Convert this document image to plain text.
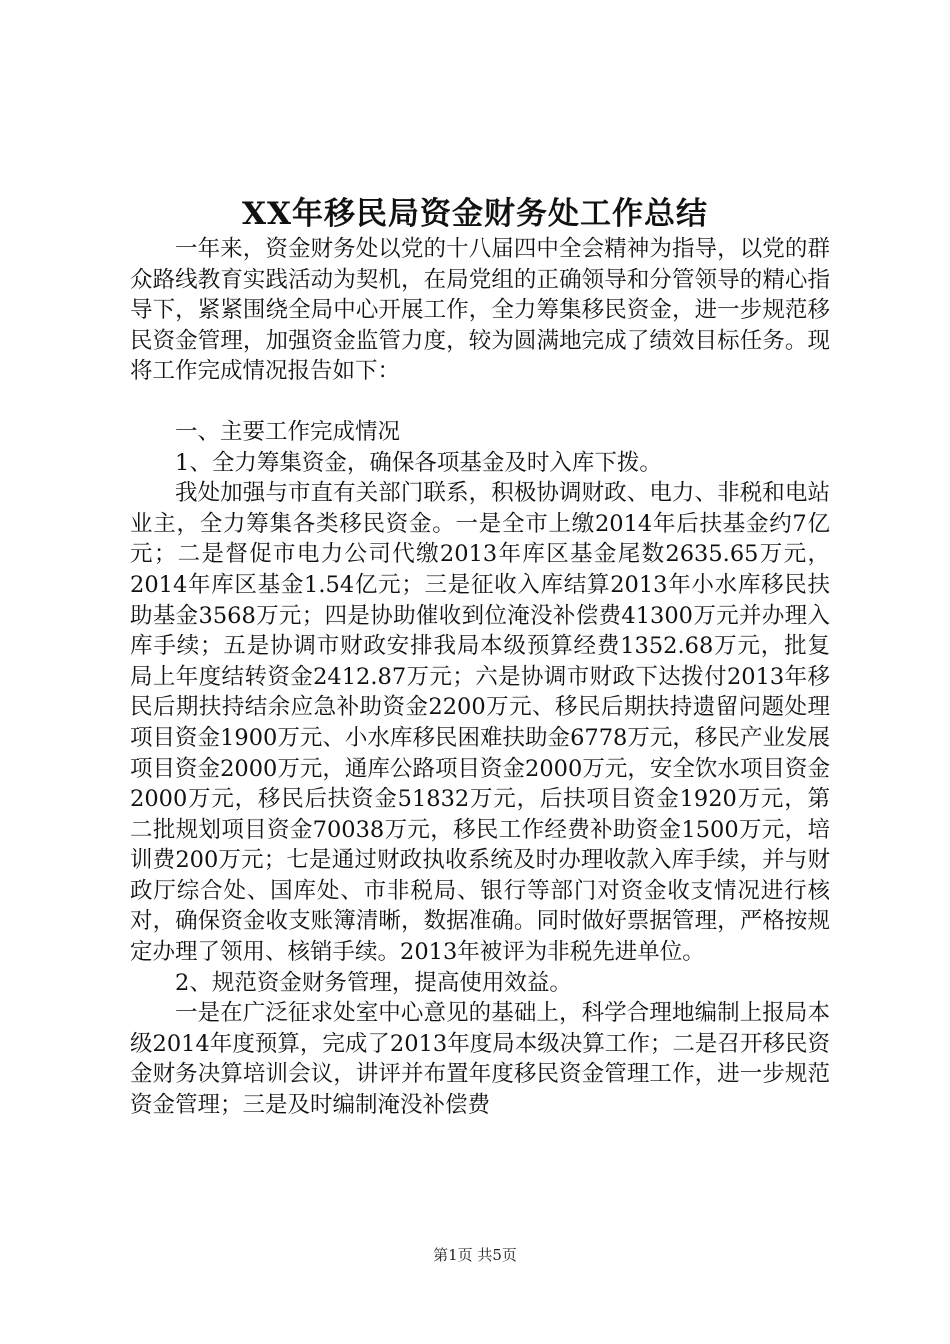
XX年移民局资金财务处工作总结

一年来，资金财务处以党的十八届四中全会精神为指导，以党的群众路线教育实践活动为契机，在局党组的正确领导和分管领导的精心指导下，紧紧围绕全局中心开展工作，全力筹集移民资金，进一步规范移民资金管理，加强资金监管力度，较为圆满地完成了绩效目标任务。现将工作完成情况报告如下：

一、主要工作完成情况

1、全力筹集资金，确保各项基金及时入库下拨。

我处加强与市直有关部门联系，积极协调财政、电力、非税和电站业主，全力筹集各类移民资金。一是全市上缴2014年后扶基金约7亿元；二是督促市电力公司代缴2013年库区基金尾数2635.65万元，2014年库区基金1.54亿元；三是征收入库结算2013年小水库移民扶助基金3568万元；四是协助催收到位淹没补偿费41300万元并办理入库手续；五是协调市财政安排我局本级预算经费1352.68万元，批复局上年度结转资金2412.87万元；六是协调市财政下达拨付2013年移民后期扶持结余应急补助资金2200万元、移民后期扶持遗留问题处理项目资金1900万元、小水库移民困难扶助金6778万元，移民产业发展项目资金2000万元，通库公路项目资金2000万元，安全饮水项目资金2000万元，移民后扶资金51832万元，后扶项目资金1920万元，第二批规划项目资金70038万元，移民工作经费补助资金1500万元，培训费200万元；七是通过财政执收系统及时办理收款入库手续，并与财政厅综合处、国库处、市非税局、银行等部门对资金收支情况进行核对，确保资金收支账簿清晰，数据准确。同时做好票据管理，严格按规定办理了领用、核销手续。2013年被评为非税先进单位。

2、规范资金财务管理，提高使用效益。

一是在广泛征求处室中心意见的基础上，科学合理地编制上报局本级2014年度预算，完成了2013年度局本级决算工作；二是召开移民资金财务决算培训会议，讲评并布置年度移民资金管理工作，进一步规范资金管理；三是及时编制淹没补偿费

第1页 共5页
